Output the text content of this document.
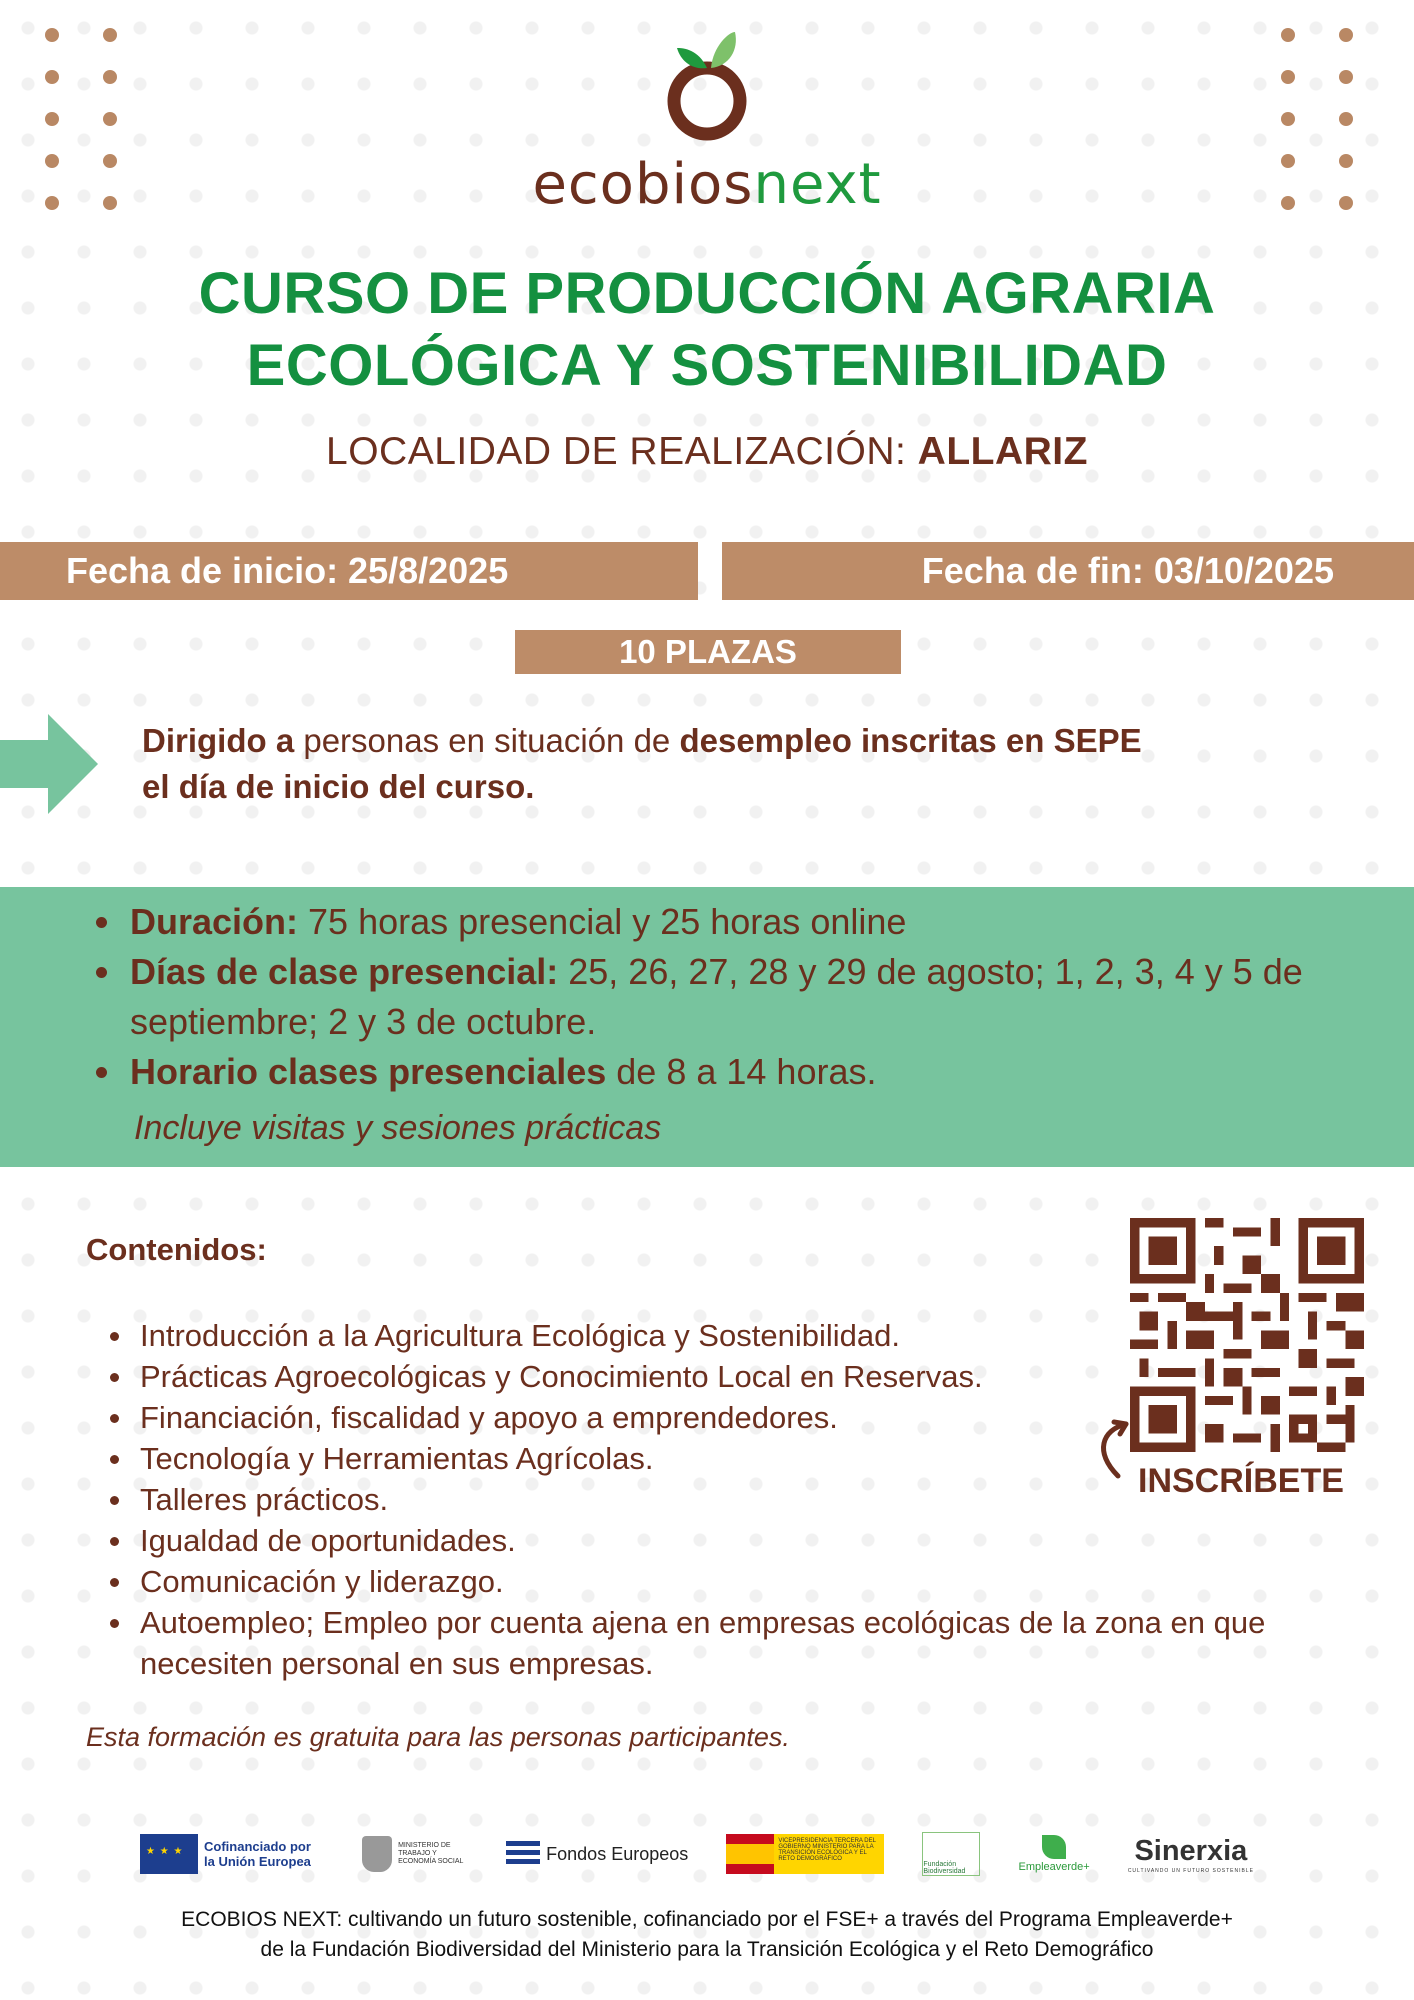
ecobiosnext
CURSO DE PRODUCCIÓN AGRARIA
ECOLÓGICA Y SOSTENIBILIDAD
LOCALIDAD DE REALIZACIÓN: ALLARIZ
Fecha de inicio: 25/8/2025	Fecha de fin: 03/10/2025
10 PLAZAS
Dirigido a personas en situación de desempleo inscritas en SEPE
el día de inicio del curso.
Duración: 75 horas presencial y 25 horas online
Días de clase presencial: 25, 26, 27, 28 y 29 de agosto; 1, 2, 3, 4 y 5 de septiembre; 2 y 3 de octubre.
Horario clases presenciales de 8 a 14 horas.
Incluye visitas y sesiones prácticas
Contenidos:
Introducción a la Agricultura Ecológica y Sostenibilidad.
Prácticas Agroecológicas y Conocimiento Local en Reservas.
Financiación, fiscalidad y apoyo a emprendedores.
Tecnología y Herramientas Agrícolas.
Talleres prácticos.
Igualdad de oportunidades.
Comunicación y liderazgo.
Autoempleo; Empleo por cuenta ajena en empresas ecológicas de la zona en que necesiten personal en sus empresas.
INSCRÍBETE
Esta formación es gratuita para las personas participantes.
★ ★ ★
Cofinanciado por la Unión Europea
MINISTERIO DE TRABAJO Y ECONOMÍA SOCIAL	Fondos Europeos
VICEPRESIDENCIA TERCERA DEL GOBIERNO MINISTERIO PARA LA TRANSICIÓN ECOLÓGICA Y EL RETO DEMOGRÁFICO
Fundación Biodiversidad	Empleaverde+
Sinerxia
CULTIVANDO UN FUTURO SOSTENIBLE
ECOBIOS NEXT: cultivando un futuro sostenible, cofinanciado por el FSE+ a través del Programa Empleaverde+
de la Fundación Biodiversidad del Ministerio para la Transición Ecológica y el Reto Demográfico
